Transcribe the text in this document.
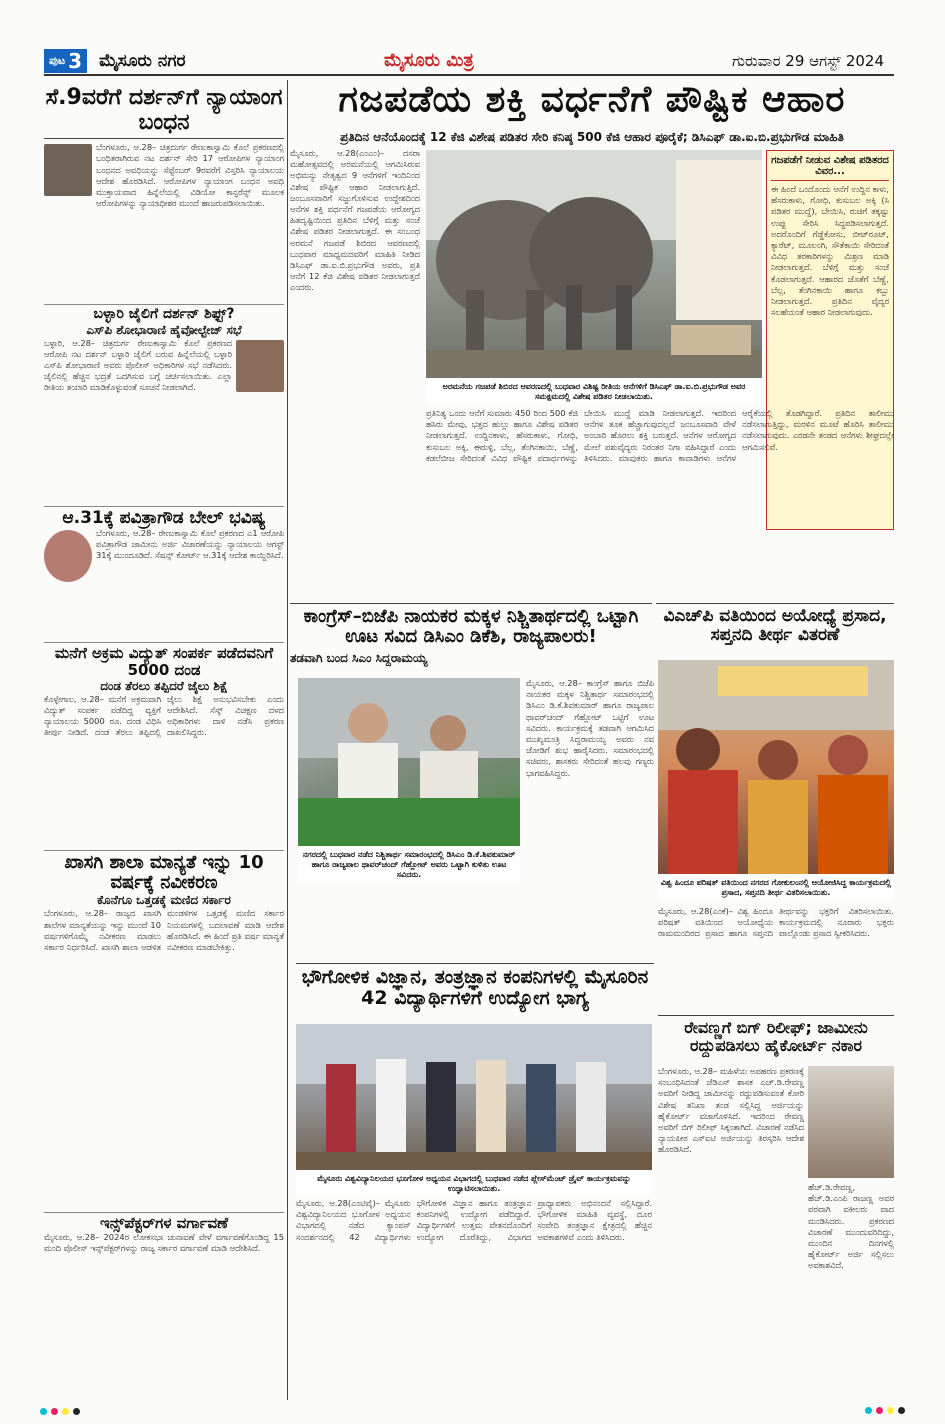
ಪುಟ 3 ಮೈಸೂರು ನಗರ	ಮೈಸೂರು ಮಿತ್ರ	ಗುರುವಾರ 29 ಆಗಸ್ಟ್ 2024
ಸೆ.9ವರೆಗೆ ದರ್ಶನ್‌ಗೆ ನ್ಯಾಯಾಂಗ ಬಂಧನ
ಬೆಂಗಳೂರು, ಆ.28– ಚಿತ್ರದುರ್ಗ ರೇಣುಕಾಸ್ವಾಮಿ ಕೊಲೆ ಪ್ರಕರಣದಲ್ಲಿ ಬಂಧಿತರಾಗಿರುವ ನಟ ದರ್ಶನ್ ಸೇರಿ 17 ಆರೋಪಿಗಳ ನ್ಯಾಯಾಂಗ ಬಂಧನದ ಅವಧಿಯನ್ನು ಸೆಪ್ಟೆಂಬರ್ 9ರವರೆಗೆ ವಿಸ್ತರಿಸಿ ನ್ಯಾಯಾಲಯ ಆದೇಶ ಹೊರಡಿಸಿದೆ. ಆರೋಪಿಗಳ ನ್ಯಾಯಾಂಗ ಬಂಧನ ಅವಧಿ ಮುಕ್ತಾಯವಾದ ಹಿನ್ನೆಲೆಯಲ್ಲಿ ವಿಡಿಯೋ ಕಾನ್ಫರೆನ್ಸ್ ಮೂಲಕ ಆರೋಪಿಗಳನ್ನು ನ್ಯಾಯಾಧೀಶರ ಮುಂದೆ ಹಾಜರುಪಡಿಸಲಾಯಿತು.
ಬಳ್ಳಾರಿ ಜೈಲಿಗೆ ದರ್ಶನ್ ಶಿಫ್ಟ್?
ಎಸ್‌ಪಿ ಶೋಭಾರಾಣಿ ಹೈವೋಲ್ಟೇಜ್ ಸಭೆ
ಬಳ್ಳಾರಿ, ಆ.28– ಚಿತ್ರದುರ್ಗ ರೇಣುಕಾಸ್ವಾಮಿ ಕೊಲೆ ಪ್ರಕರಣದ ಆರೋಪಿ ನಟ ದರ್ಶನ್ ಬಳ್ಳಾರಿ ಜೈಲಿಗೆ ಬರುವ ಹಿನ್ನೆಲೆಯಲ್ಲಿ ಬಳ್ಳಾರಿ ಎಸ್‌ಪಿ ಶೋಭಾರಾಣಿ ಅವರು ಪೊಲೀಸ್ ಅಧಿಕಾರಿಗಳ ಸಭೆ ನಡೆಸಿದರು. ಜೈಲಿನಲ್ಲಿ ಹೆಚ್ಚಿನ ಭದ್ರತೆ ಒದಗಿಸುವ ಬಗ್ಗೆ ಚರ್ಚಿಸಲಾಯಿತು. ಎಲ್ಲಾ ರೀತಿಯ ತಯಾರಿ ಮಾಡಿಕೊಳ್ಳುವಂತೆ ಸೂಚನೆ ನೀಡಲಾಗಿದೆ.
ಆ.31ಕ್ಕೆ ಪವಿತ್ರಾಗೌಡ ಬೇಲ್ ಭವಿಷ್ಯ
ಬೆಂಗಳೂರು, ಆ.28– ರೇಣುಕಾಸ್ವಾಮಿ ಕೊಲೆ ಪ್ರಕರಣದ ಎ1 ಆರೋಪಿ ಪವಿತ್ರಾಗೌಡ ಜಾಮೀನು ಅರ್ಜಿ ವಿಚಾರಣೆಯನ್ನು ನ್ಯಾಯಾಲಯ ಆಗಸ್ಟ್ 31ಕ್ಕೆ ಮುಂದೂಡಿದೆ. ಸೆಷನ್ಸ್ ಕೋರ್ಟ್ ಆ.31ಕ್ಕೆ ಆದೇಶ ಕಾಯ್ದಿರಿಸಿದೆ.
ಮನೆಗೆ ಅಕ್ರಮ ವಿದ್ಯುತ್ ಸಂಪರ್ಕ ಪಡೆದವನಿಗೆ 5000 ದಂಡ
ದಂಡ ತೆರಲು ತಪ್ಪಿದರೆ ಜೈಲು ಶಿಕ್ಷೆ
ಕೊಳ್ಳೇಗಾಲ, ಆ.28– ಮನೆಗೆ ಅಕ್ರಮವಾಗಿ ವಿದ್ಯುತ್ ಸಂಪರ್ಕ ಪಡೆದಿದ್ದ ವ್ಯಕ್ತಿಗೆ ನ್ಯಾಯಾಲಯ 5000 ರೂ. ದಂಡ ವಿಧಿಸಿ ತೀರ್ಪು ನೀಡಿದೆ. ದಂಡ ತೆರಲು ತಪ್ಪಿದಲ್ಲಿ ಜೈಲು ಶಿಕ್ಷೆ ಅನುಭವಿಸಬೇಕು ಎಂದು ಆದೇಶಿಸಿದೆ. ಸೆಸ್ಕ್ ವಿಚಕ್ಷಣ ದಳದ ಅಧಿಕಾರಿಗಳು ದಾಳಿ ನಡೆಸಿ ಪ್ರಕರಣ ದಾಖಲಿಸಿದ್ದರು.
ಖಾಸಗಿ ಶಾಲಾ ಮಾನ್ಯತೆ ಇನ್ನು 10 ವರ್ಷಕ್ಕೆ ನವೀಕರಣ
ಕೊನೆಗೂ ಒತ್ತಡಕ್ಕೆ ಮಣಿದ ಸರ್ಕಾರ
ಬೆಂಗಳೂರು, ಆ.28– ರಾಜ್ಯದ ಖಾಸಗಿ ಶಾಲೆಗಳ ಮಾನ್ಯತೆಯನ್ನು ಇನ್ನು ಮುಂದೆ 10 ವರ್ಷಗಳಿಗೊಮ್ಮೆ ನವೀಕರಣ ಮಾಡಲು ಸರ್ಕಾರ ನಿರ್ಧರಿಸಿದೆ. ಖಾಸಗಿ ಶಾಲಾ ಆಡಳಿತ ಮಂಡಳಿಗಳ ಒತ್ತಡಕ್ಕೆ ಮಣಿದ ಸರ್ಕಾರ ನಿಯಮಗಳಲ್ಲಿ ಬದಲಾವಣೆ ಮಾಡಿ ಆದೇಶ ಹೊರಡಿಸಿದೆ. ಈ ಹಿಂದೆ ಪ್ರತಿ ವರ್ಷ ಮಾನ್ಯತೆ ನವೀಕರಣ ಮಾಡಬೇಕಿತ್ತು.
ಇನ್ಸ್‌ಪೆಕ್ಟರ್‌ಗಳ ವರ್ಗಾವಣೆ
ಮೈಸೂರು, ಆ.28– 2024ರ ಲೋಕಸಭಾ ಚುನಾವಣೆ ವೇಳೆ ವರ್ಗಾವಣೆಗೊಂಡಿದ್ದ 15 ಮಂದಿ ಪೊಲೀಸ್ ಇನ್ಸ್‌ಪೆಕ್ಟರ್‌ಗಳನ್ನು ರಾಜ್ಯ ಸರ್ಕಾರ ವರ್ಗಾವಣೆ ಮಾಡಿ ಆದೇಶಿಸಿದೆ.
ಗಜಪಡೆಯ ಶಕ್ತಿ ವರ್ಧನೆಗೆ ಪೌಷ್ಟಿಕ ಆಹಾರ
ಪ್ರತಿದಿನ ಆನೆಯೊಂದಕ್ಕೆ 12 ಕೆಜಿ ವಿಶೇಷ ಪಡಿತರ ಸೇರಿ ಕನಿಷ್ಠ 500 ಕೆಜಿ ಆಹಾರ ಪೂರೈಕೆ; ಡಿಸಿಎಫ್ ಡಾ.ಐ.ಬಿ.ಪ್ರಭುಗೌಡ ಮಾಹಿತಿ
ಮೈಸೂರು, ಆ.28(ಎಂಎಂ)– ದಸರಾ ಮಹೋತ್ಸವದಲ್ಲಿ ಅರಮನೆಯಲ್ಲಿ ಆಗಮಿಸಿರುವ ಅಭಿಮನ್ಯು ನೇತೃತ್ವದ 9 ಆನೆಗಳಿಗೆ ಇಂದಿನಿಂದ ವಿಶೇಷ ಪೌಷ್ಟಿಕ ಆಹಾರ ನೀಡಲಾಗುತ್ತಿದೆ. ಜಂಬೂಸವಾರಿಗೆ ಸಜ್ಜುಗೊಳಿಸುವ ಉದ್ದೇಶದಿಂದ ಆನೆಗಳ ಶಕ್ತಿ ವರ್ಧನೆಗೆ ಗಜಪಡೆಯ ಆರೋಗ್ಯದ ಹಿತದೃಷ್ಟಿಯಿಂದ ಪ್ರತಿದಿನ ಬೆಳಿಗ್ಗೆ ಮತ್ತು ಸಂಜೆ ವಿಶೇಷ ಪಡಿತರ ನೀಡಲಾಗುತ್ತದೆ. ಈ ಸಂಬಂಧ ಅರಮನೆ ಗಜಪಡೆ ಶಿಬಿರದ ಆವರಣದಲ್ಲಿ ಬುಧವಾರ ಮಾಧ್ಯಮದವರಿಗೆ ಮಾಹಿತಿ ನೀಡಿದ ಡಿಸಿಎಫ್ ಡಾ.ಐ.ಬಿ.ಪ್ರಭುಗೌಡ ಅವರು, ಪ್ರತಿ ಆನೆಗೆ 12 ಕೆಜಿ ವಿಶೇಷ ಪಡಿತರ ನೀಡಲಾಗುತ್ತದೆ ಎಂದರು.
ಅರಮನೆಯ ಗಜಪಡೆ ಶಿಬಿರದ ಆವರಣದಲ್ಲಿ ಬುಧವಾರ ವಿಶಿಷ್ಟ ರೀತಿಯ ಆನೆಗಳಿಗೆ ಡಿಸಿಎಫ್ ಡಾ.ಐ.ಬಿ.ಪ್ರಭುಗೌಡ ಅವರ ಸಮಕ್ಷಮದಲ್ಲಿ ವಿಶೇಷ ಪಡಿತರ ನೀಡಲಾಯಿತು.
ಗಜಪಡೆಗೆ ನೀಡುವ ವಿಶೇಷ ಪಡಿತರದ ವಿವರ...
ಈ ಹಿಂದೆ ಒಂದೊಂದು ಆನೆಗೆ ಉದ್ದಿನ ಕಾಳು, ಹೆಸರುಕಾಳು, ಗೋಧಿ, ಕುಸುಬಲ ಅಕ್ಕಿ (ಸಿ ಪಡಿತರ ಮುದ್ದೆ), ಬೇಯಿಸಿ, ರುಚಿಗೆ ತಕ್ಕಷ್ಟು ಉಪ್ಪು ಸೇರಿಸಿ ಸಿದ್ಧಪಡಿಸಲಾಗುತ್ತದೆ. ಅದರೊಂದಿಗೆ ಗೆಡ್ಡೆಕೋಸು, ಬೀಟ್‌ರೂಟ್, ಕ್ಯಾರೆಟ್, ಮೂಲಂಗಿ, ಸೌತೆಕಾಯಿ ಸೇರಿದಂತೆ ವಿವಿಧ ತರಕಾರಿಗಳನ್ನು ಮಿಶ್ರಣ ಮಾಡಿ ನೀಡಲಾಗುತ್ತದೆ. ಬೆಳಿಗ್ಗೆ ಮತ್ತು ಸಂಜೆ ಕೊಡಲಾಗುತ್ತದೆ. ಆಹಾರದ ಜೊತೆಗೆ ಬೆಣ್ಣೆ, ಬೆಲ್ಲ, ತೆಂಗಿನಕಾಯಿ ಹಾಗೂ ಕಬ್ಬು ನೀಡಲಾಗುತ್ತದೆ. ಪ್ರತಿದಿನ ವೈದ್ಯರ ಸಲಹೆಯಂತೆ ಆಹಾರ ನೀಡಲಾಗುವುದು.
ಪ್ರತಿನಿತ್ಯ ಒಂದು ಆನೆಗೆ ಸುಮಾರು 450 ರಿಂದ 500 ಕೆಜಿ ಹಸಿರು ಮೇವು, ಭತ್ತದ ಹುಲ್ಲು ಹಾಗೂ ವಿಶೇಷ ಪಡಿತರ ನೀಡಲಾಗುತ್ತದೆ. ಉದ್ದಿನಕಾಳು, ಹೆಸರುಕಾಳು, ಗೋಧಿ, ಕುಸುಬಲ ಅಕ್ಕಿ, ಈರುಳ್ಳಿ, ಬೆಲ್ಲ, ತೆಂಗಿನಕಾಯಿ, ಬೆಣ್ಣೆ, ಕಡಲೆಬೀಜ ಸೇರಿದಂತೆ ವಿವಿಧ ಪೌಷ್ಟಿಕ ಪದಾರ್ಥಗಳನ್ನು ಬೇಯಿಸಿ ಮುದ್ದೆ ಮಾಡಿ ನೀಡಲಾಗುತ್ತದೆ. ಇದರಿಂದ ಆನೆಗಳ ತೂಕ ಹೆಚ್ಚಾಗುವುದಲ್ಲದೆ ಜಂಬೂಸವಾರಿ ವೇಳೆ ಅಂಬಾರಿ ಹೊರಲು ಶಕ್ತಿ ಬರುತ್ತದೆ. ಆನೆಗಳ ಆರೋಗ್ಯದ ಮೇಲೆ ಪಶುವೈದ್ಯರು ನಿರಂತರ ನಿಗಾ ವಹಿಸಿದ್ದಾರೆ ಎಂದು ತಿಳಿಸಿದರು. ಮಾವುತರು ಹಾಗೂ ಕಾವಾಡಿಗಳು ಆನೆಗಳ ಆರೈಕೆಯಲ್ಲಿ ತೊಡಗಿದ್ದಾರೆ. ಪ್ರತಿದಿನ ತಾಲೀಮು ನಡೆಸಲಾಗುತ್ತಿದ್ದು, ಮರಳಿನ ಮೂಟೆ ಹೊರಿಸಿ ತಾಲೀಮು ನಡೆಸಲಾಗುವುದು. ಎರಡನೇ ತಂಡದ ಆನೆಗಳು ಶೀಘ್ರದಲ್ಲೇ ಆಗಮಿಸಲಿವೆ.
ಕಾಂಗ್ರೆಸ್–ಬಿಜೆಪಿ ನಾಯಕರ ಮಕ್ಕಳ ನಿಶ್ಚಿತಾರ್ಥದಲ್ಲಿ ಒಟ್ಟಾಗಿ ಊಟ ಸವಿದ ಡಿಸಿಎಂ ಡಿಕೆಶಿ, ರಾಜ್ಯಪಾಲರು!
ತಡವಾಗಿ ಬಂದ ಸಿಎಂ ಸಿದ್ದರಾಮಯ್ಯ
ನಗರದಲ್ಲಿ ಬುಧವಾರ ನಡೆದ ನಿಶ್ಚಿತಾರ್ಥ ಸಮಾರಂಭದಲ್ಲಿ ಡಿಸಿಎಂ ಡಿ.ಕೆ.ಶಿವಕುಮಾರ್ ಹಾಗೂ ರಾಜ್ಯಪಾಲ ಥಾವರ್‌ಚಂದ್ ಗೆಹ್ಲೋಟ್ ಅವರು ಒಟ್ಟಾಗಿ ಕುಳಿತು ಊಟ ಸವಿದರು.
ಮೈಸೂರು, ಆ.28– ಕಾಂಗ್ರೆಸ್ ಹಾಗೂ ಬಿಜೆಪಿ ನಾಯಕರ ಮಕ್ಕಳ ನಿಶ್ಚಿತಾರ್ಥ ಸಮಾರಂಭದಲ್ಲಿ ಡಿಸಿಎಂ ಡಿ.ಕೆ.ಶಿವಕುಮಾರ್ ಹಾಗೂ ರಾಜ್ಯಪಾಲ ಥಾವರ್‌ಚಂದ್ ಗೆಹ್ಲೋಟ್ ಒಟ್ಟಿಗೆ ಊಟ ಸವಿದರು. ಕಾರ್ಯಕ್ರಮಕ್ಕೆ ತಡವಾಗಿ ಆಗಮಿಸಿದ ಮುಖ್ಯಮಂತ್ರಿ ಸಿದ್ದರಾಮಯ್ಯ ಅವರು ನವ ಜೋಡಿಗೆ ಶುಭ ಹಾರೈಸಿದರು. ಸಮಾರಂಭದಲ್ಲಿ ಸಚಿವರು, ಶಾಸಕರು ಸೇರಿದಂತೆ ಹಲವು ಗಣ್ಯರು ಭಾಗವಹಿಸಿದ್ದರು.
ವಿಎಚ್‌ಪಿ ವತಿಯಿಂದ ಅಯೋಧ್ಯೆ ಪ್ರಸಾದ, ಸಪ್ತನದಿ ತೀರ್ಥ ವಿತರಣೆ
ವಿಶ್ವ ಹಿಂದೂ ಪರಿಷತ್ ವತಿಯಿಂದ ನಗರದ ಗೋಕುಲಂನಲ್ಲಿ ಆಯೋಜಿಸಿದ್ದ ಕಾರ್ಯಕ್ರಮದಲ್ಲಿ ಪ್ರಸಾದ, ಸಪ್ತನದಿ ತೀರ್ಥ ವಿತರಿಸಲಾಯಿತು.
ಮೈಸೂರು, ಆ.28(ಎಂಕೆ)– ವಿಶ್ವ ಹಿಂದೂ ಪರಿಷತ್ ವತಿಯಿಂದ ಅಯೋಧ್ಯೆಯ ರಾಮಮಂದಿರದ ಪ್ರಸಾದ ಹಾಗೂ ಸಪ್ತನದಿ ತೀರ್ಥವನ್ನು ಭಕ್ತರಿಗೆ ವಿತರಿಸಲಾಯಿತು. ಕಾರ್ಯಕ್ರಮದಲ್ಲಿ ನೂರಾರು ಭಕ್ತರು ಪಾಲ್ಗೊಂಡು ಪ್ರಸಾದ ಸ್ವೀಕರಿಸಿದರು.
ಭೌಗೋಳಿಕ ವಿಜ್ಞಾನ, ತಂತ್ರಜ್ಞಾನ ಕಂಪನಿಗಳಲ್ಲಿ ಮೈಸೂರಿನ 42 ವಿದ್ಯಾರ್ಥಿಗಳಿಗೆ ಉದ್ಯೋಗ ಭಾಗ್ಯ
ಮೈಸೂರು ವಿಶ್ವವಿದ್ಯಾನಿಲಯದ ಭೂಗೋಳ ಅಧ್ಯಯನ ವಿಭಾಗದಲ್ಲಿ ಬುಧವಾರ ನಡೆದ ಪ್ಲೇಸ್‌ಮೆಂಟ್ ಡ್ರೈವ್ ಕಾರ್ಯಕ್ರಮವನ್ನು ಉದ್ಘಾಟಿಸಲಾಯಿತು.
ಮೈಸೂರು, ಆ.28(ಎಂಟಿವೈ)– ಮೈಸೂರು ವಿಶ್ವವಿದ್ಯಾನಿಲಯದ ಭೂಗೋಳ ಅಧ್ಯಯನ ವಿಭಾಗದಲ್ಲಿ ನಡೆದ ಕ್ಯಾಂಪಸ್ ಸಂದರ್ಶನದಲ್ಲಿ 42 ವಿದ್ಯಾರ್ಥಿಗಳು ಭೌಗೋಳಿಕ ವಿಜ್ಞಾನ ಹಾಗೂ ತಂತ್ರಜ್ಞಾನ ಕಂಪನಿಗಳಲ್ಲಿ ಉದ್ಯೋಗ ಪಡೆದಿದ್ದಾರೆ. ವಿದ್ಯಾರ್ಥಿಗಳಿಗೆ ಉತ್ತಮ ವೇತನದೊಂದಿಗೆ ಉದ್ಯೋಗ ದೊರೆತಿದ್ದು, ವಿಭಾಗದ ಪ್ರಾಧ್ಯಾಪಕರು ಅಭಿನಂದನೆ ಸಲ್ಲಿಸಿದ್ದಾರೆ. ಭೌಗೋಳಿಕ ಮಾಹಿತಿ ವ್ಯವಸ್ಥೆ, ದೂರ ಸಂವೇದಿ ತಂತ್ರಜ್ಞಾನ ಕ್ಷೇತ್ರದಲ್ಲಿ ಹೆಚ್ಚಿನ ಅವಕಾಶಗಳಿವೆ ಎಂದು ತಿಳಿಸಿದರು.
ರೇವಣ್ಣಗೆ ಬಿಗ್ ರಿಲೀಫ್; ಜಾಮೀನು ರದ್ದುಪಡಿಸಲು ಹೈಕೋರ್ಟ್ ನಕಾರ
ಬೆಂಗಳೂರು, ಆ.28– ಮಹಿಳೆಯ ಅಪಹರಣ ಪ್ರಕರಣಕ್ಕೆ ಸಂಬಂಧಿಸಿದಂತೆ ಜೆಡಿಎಸ್ ಶಾಸಕ ಎಚ್.ಡಿ.ರೇವಣ್ಣ ಅವರಿಗೆ ನೀಡಿದ್ದ ಜಾಮೀನನ್ನು ರದ್ದುಪಡಿಸುವಂತೆ ಕೋರಿ ವಿಶೇಷ ತನಿಖಾ ತಂಡ ಸಲ್ಲಿಸಿದ್ದ ಅರ್ಜಿಯನ್ನು ಹೈಕೋರ್ಟ್ ವಜಾಗೊಳಿಸಿದೆ. ಇದರಿಂದ ರೇವಣ್ಣ ಅವರಿಗೆ ಬಿಗ್ ರಿಲೀಫ್ ಸಿಕ್ಕಂತಾಗಿದೆ. ವಿಚಾರಣೆ ನಡೆಸಿದ ನ್ಯಾಯಪೀಠ ಎಸ್‌ಐಟಿ ಅರ್ಜಿಯನ್ನು ತಿರಸ್ಕರಿಸಿ ಆದೇಶ ಹೊರಡಿಸಿದೆ.
ಹೆಚ್.ಡಿ.ರೇವಣ್ಣ, ಹೆಚ್.ಡಿ.ಎಂಪಿ ರಾಜಣ್ಣ ಅವರ ಪರವಾಗಿ ವಕೀಲರು ವಾದ ಮಂಡಿಸಿದರು. ಪ್ರಕರಣದ ವಿಚಾರಣೆ ಮುಂದುವರಿದಿದ್ದು, ಮುಂದಿನ ದಿನಗಳಲ್ಲಿ ಹೈಕೋರ್ಟ್ ಅರ್ಜಿ ಸಲ್ಲಿಸಲು ಅವಕಾಶವಿದೆ.
